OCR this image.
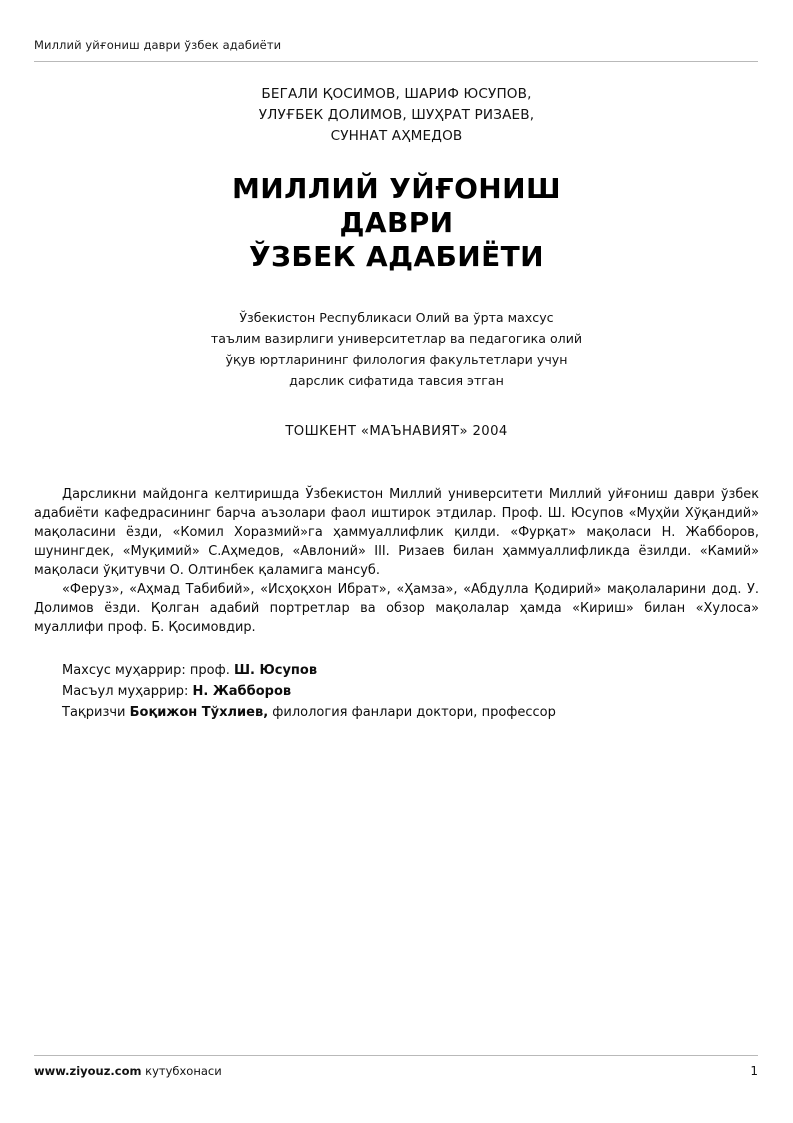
Миллий уйғониш даври ўзбек адабиёти
БЕГАЛИ ҚОСИМОВ, ШАРИФ ЮСУПОВ,
УЛУҒБЕК ДОЛИМОВ, ШУҲРАТ РИЗАЕВ,
СУННАТ АҲМЕДОВ
МИЛЛИЙ УЙҒОНИШ
ДАВРИ
ЎЗБЕК АДАБИЁТИ
Ўзбекистон Республикаси Олий ва ўрта махсус
таълим вазирлиги университетлар ва педагогика олий
ўқув юртларининг филология факультетлари учун
дарслик сифатида тавсия этган
ТОШКЕНТ «МАЪНАВИЯТ» 2004

Дарсликни майдонга келтиришда Ўзбекистон Миллий университети Миллий уйғониш даври ўзбек адабиёти кафедрасининг барча аъзолари фаол иштирок этдилар. Проф. Ш. Юсупов «Муҳйи Хўқандий» мақоласини ёзди, «Комил Хоразмий»га ҳаммуаллифлик қилди. «Фурқат» мақоласи Н. Жабборов, шунингдек, «Муқимий» С.Аҳмедов, «Авлоний» III. Ризаев билан ҳаммуаллифликда ёзилди. «Камий» мақоласи ўқитувчи О. Олтинбек қаламига мансуб.

«Феруз», «Аҳмад Табибий», «Исҳоқхон Ибрат», «Ҳамза», «Абдулла Қодирий» мақолаларини дод. У. Долимов ёзди. Қолган адабий портретлар ва обзор мақолалар ҳамда «Кириш» билан «Хулоса» муаллифи проф. Б. Қосимовдир.

Махсус муҳаррир: проф. Ш. Юсупов
Масъул муҳаррир: Н. Жабборов
Тақризчи Боқижон Тўхлиев, филология фанлари доктори, профессор
www.ziyouz.com кутубхонаси	1
